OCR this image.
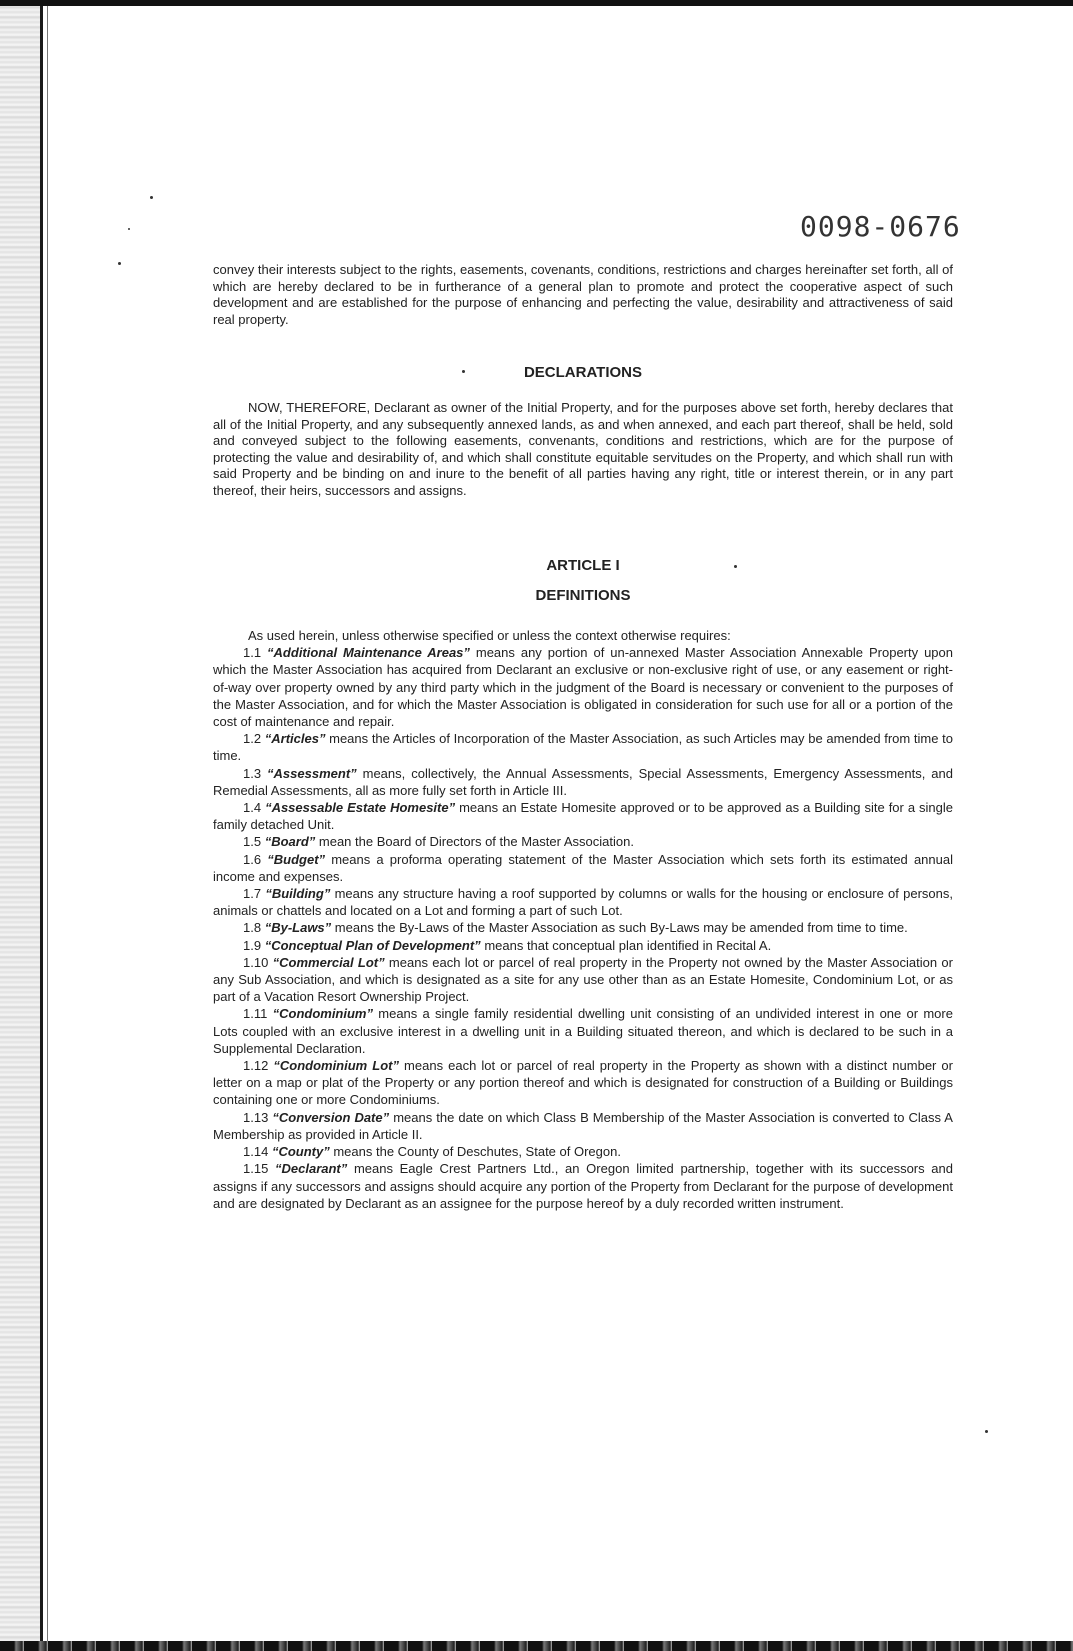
0098-0676

convey their interests subject to the rights, easements, covenants, conditions, restrictions and charges hereinafter set forth, all of which are hereby declared to be in furtherance of a general plan to promote and protect the cooperative aspect of such development and are established for the purpose of enhancing and perfecting the value, desirability and attractiveness of said real property.

DECLARATIONS

NOW, THEREFORE, Declarant as owner of the Initial Property, and for the purposes above set forth, hereby declares that all of the Initial Property, and any subsequently annexed lands, as and when annexed, and each part thereof, shall be held, sold and conveyed subject to the following easements, convenants, conditions and restrictions, which are for the purpose of protecting the value and desirability of, and which shall constitute equitable servitudes on the Property, and which shall run with said Property and be binding on and inure to the benefit of all parties having any right, title or interest therein, or in any part thereof, their heirs, successors and assigns.

ARTICLE I
DEFINITIONS

As used herein, unless otherwise specified or unless the context otherwise requires:

1.1 “Additional Maintenance Areas” means any portion of un-annexed Master Association Annexable Property upon which the Master Association has acquired from Declarant an exclusive or non-exclusive right of use, or any easement or right-of-way over property owned by any third party which in the judgment of the Board is necessary or convenient to the purposes of the Master Association, and for which the Master Association is obligated in consideration for such use for all or a portion of the cost of maintenance and repair.

1.2 “Articles” means the Articles of Incorporation of the Master Association, as such Articles may be amended from time to time.

1.3 “Assessment” means, collectively, the Annual Assessments, Special Assessments, Emergency Assessments, and Remedial Assessments, all as more fully set forth in Article III.

1.4 “Assessable Estate Homesite” means an Estate Homesite approved or to be approved as a Building site for a single family detached Unit.

1.5 “Board” mean the Board of Directors of the Master Association.

1.6 “Budget” means a proforma operating statement of the Master Association which sets forth its estimated annual income and expenses.

1.7 “Building” means any structure having a roof supported by columns or walls for the housing or enclosure of persons, animals or chattels and located on a Lot and forming a part of such Lot.

1.8 “By-Laws” means the By-Laws of the Master Association as such By-Laws may be amended from time to time.

1.9 “Conceptual Plan of Development” means that conceptual plan identified in Recital A.

1.10 “Commercial Lot” means each lot or parcel of real property in the Property not owned by the Master Association or any Sub Association, and which is designated as a site for any use other than as an Estate Homesite, Condominium Lot, or as part of a Vacation Resort Ownership Project.

1.11 “Condominium” means a single family residential dwelling unit consisting of an undivided interest in one or more Lots coupled with an exclusive interest in a dwelling unit in a Building situated thereon, and which is declared to be such in a Supplemental Declaration.

1.12 “Condominium Lot” means each lot or parcel of real property in the Property as shown with a distinct number or letter on a map or plat of the Property or any portion thereof and which is designated for construction of a Building or Buildings containing one or more Condominiums.

1.13 “Conversion Date” means the date on which Class B Membership of the Master Association is converted to Class A Membership as provided in Article II.

1.14 “County” means the County of Deschutes, State of Oregon.

1.15 “Declarant” means Eagle Crest Partners Ltd., an Oregon limited partnership, together with its successors and assigns if any successors and assigns should acquire any portion of the Property from Declarant for the purpose of development and are designated by Declarant as an assignee for the purpose hereof by a duly recorded written instrument.
